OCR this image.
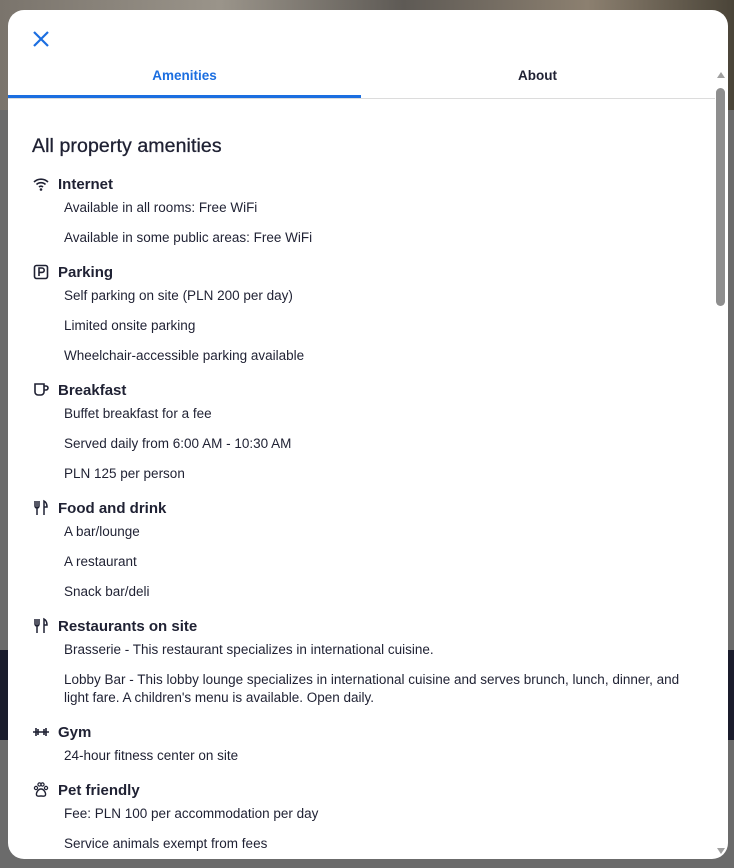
Amenities	About
All property amenities
Internet
Available in all rooms: Free WiFi
Available in some public areas: Free WiFi
Parking
Self parking on site (PLN 200 per day)
Limited onsite parking
Wheelchair-accessible parking available
Breakfast
Buffet breakfast for a fee
Served daily from 6:00 AM - 10:30 AM
PLN 125 per person
Food and drink
A bar/lounge
A restaurant
Snack bar/deli
Restaurants on site
Brasserie - This restaurant specializes in international cuisine.
Lobby Bar - This lobby lounge specializes in international cuisine and serves brunch, lunch, dinner, and light fare. A children's menu is available. Open daily.
Gym
24-hour fitness center on site
Pet friendly
Fee: PLN 100 per accommodation per day
Service animals exempt from fees
